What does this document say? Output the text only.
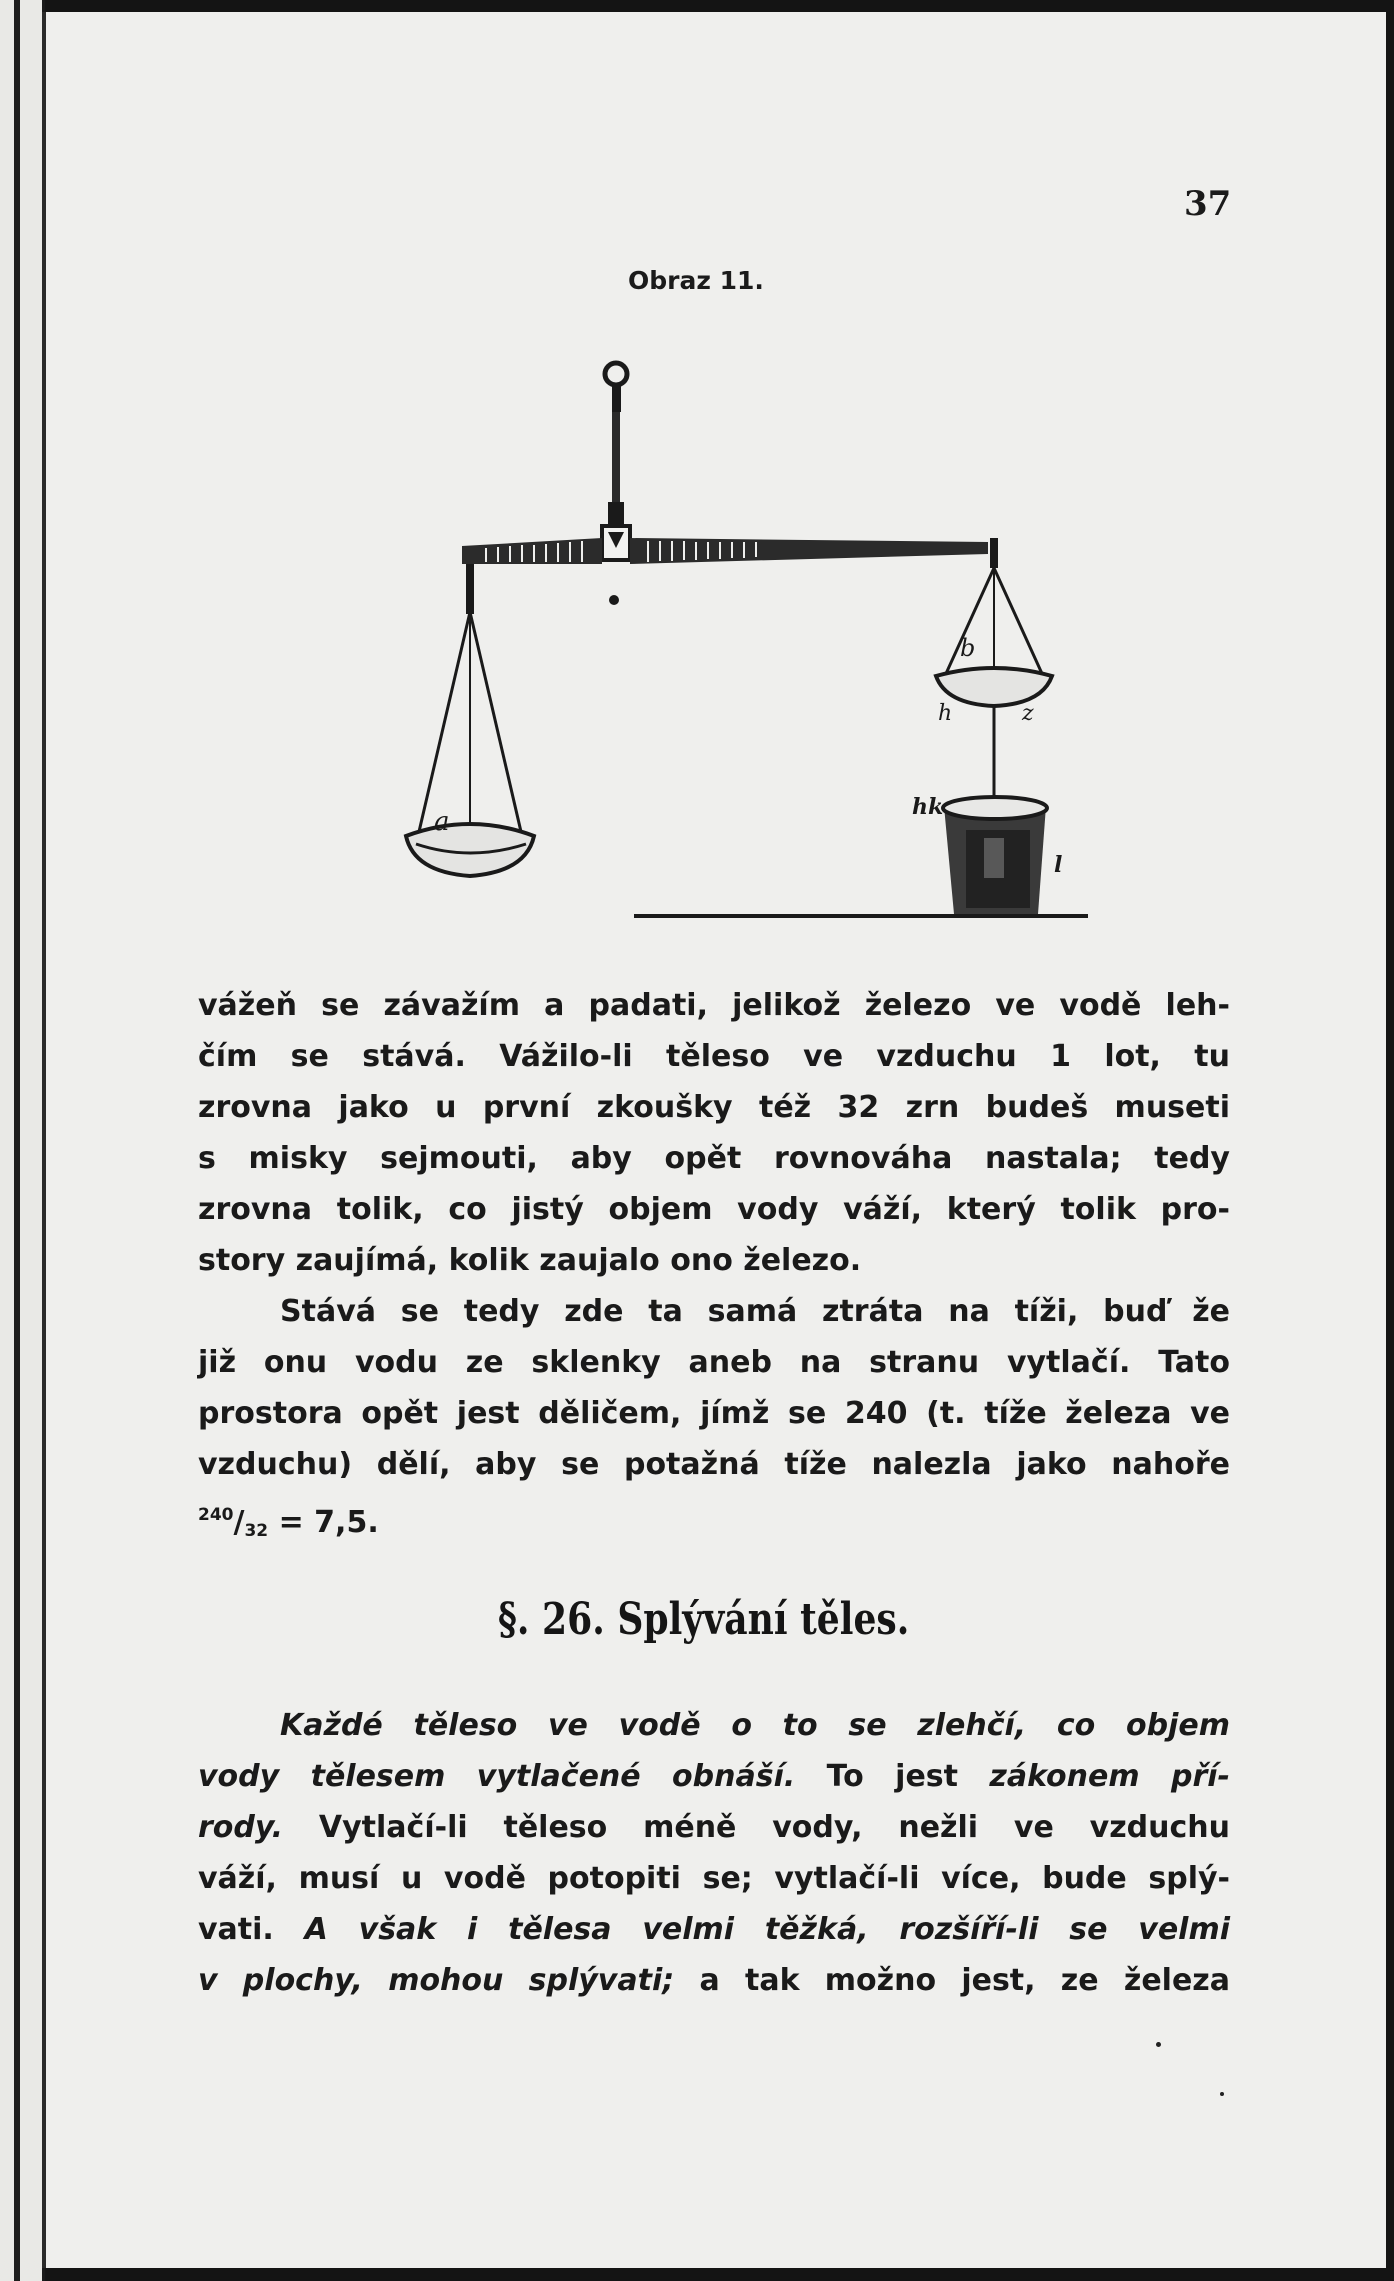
37
Obraz 11.
a
b
h	z
hk
l
vážeň se závažím a padati, jelikož železo ve vodě leh-
čím se stává. Vážilo-li těleso ve vzduchu 1 lot, tu
zrovna jako u první zkoušky též 32 zrn budeš museti
s misky sejmouti, aby opět rovnováha nastala; tedy
zrovna tolik, co jistý objem vody váží, který tolik pro-
story zaujímá, kolik zaujalo ono železo.
Stává se tedy zde ta samá ztráta na tíži, buď že
již onu vodu ze sklenky aneb na stranu vytlačí. Tato
prostora opět jest děličem, jímž se 240 (t. tíže železa ve
vzduchu) dělí, aby se potažná tíže nalezla jako nahoře
$^{240}/_{32} = 7,5$.
§. 26. Splývání těles.
Každé těleso ve vodě o to se zlehčí, co objem
vody tělesem vytlačené obnáší. To jest zákonem pří-
rody. Vytlačí-li těleso méně vody, nežli ve vzduchu
váží, musí u vodě potopiti se; vytlačí-li více, bude splý-
vati. A však i tělesa velmi těžká, rozšíří-li se velmi
v plochy, mohou splývati; a tak možno jest, ze železa
